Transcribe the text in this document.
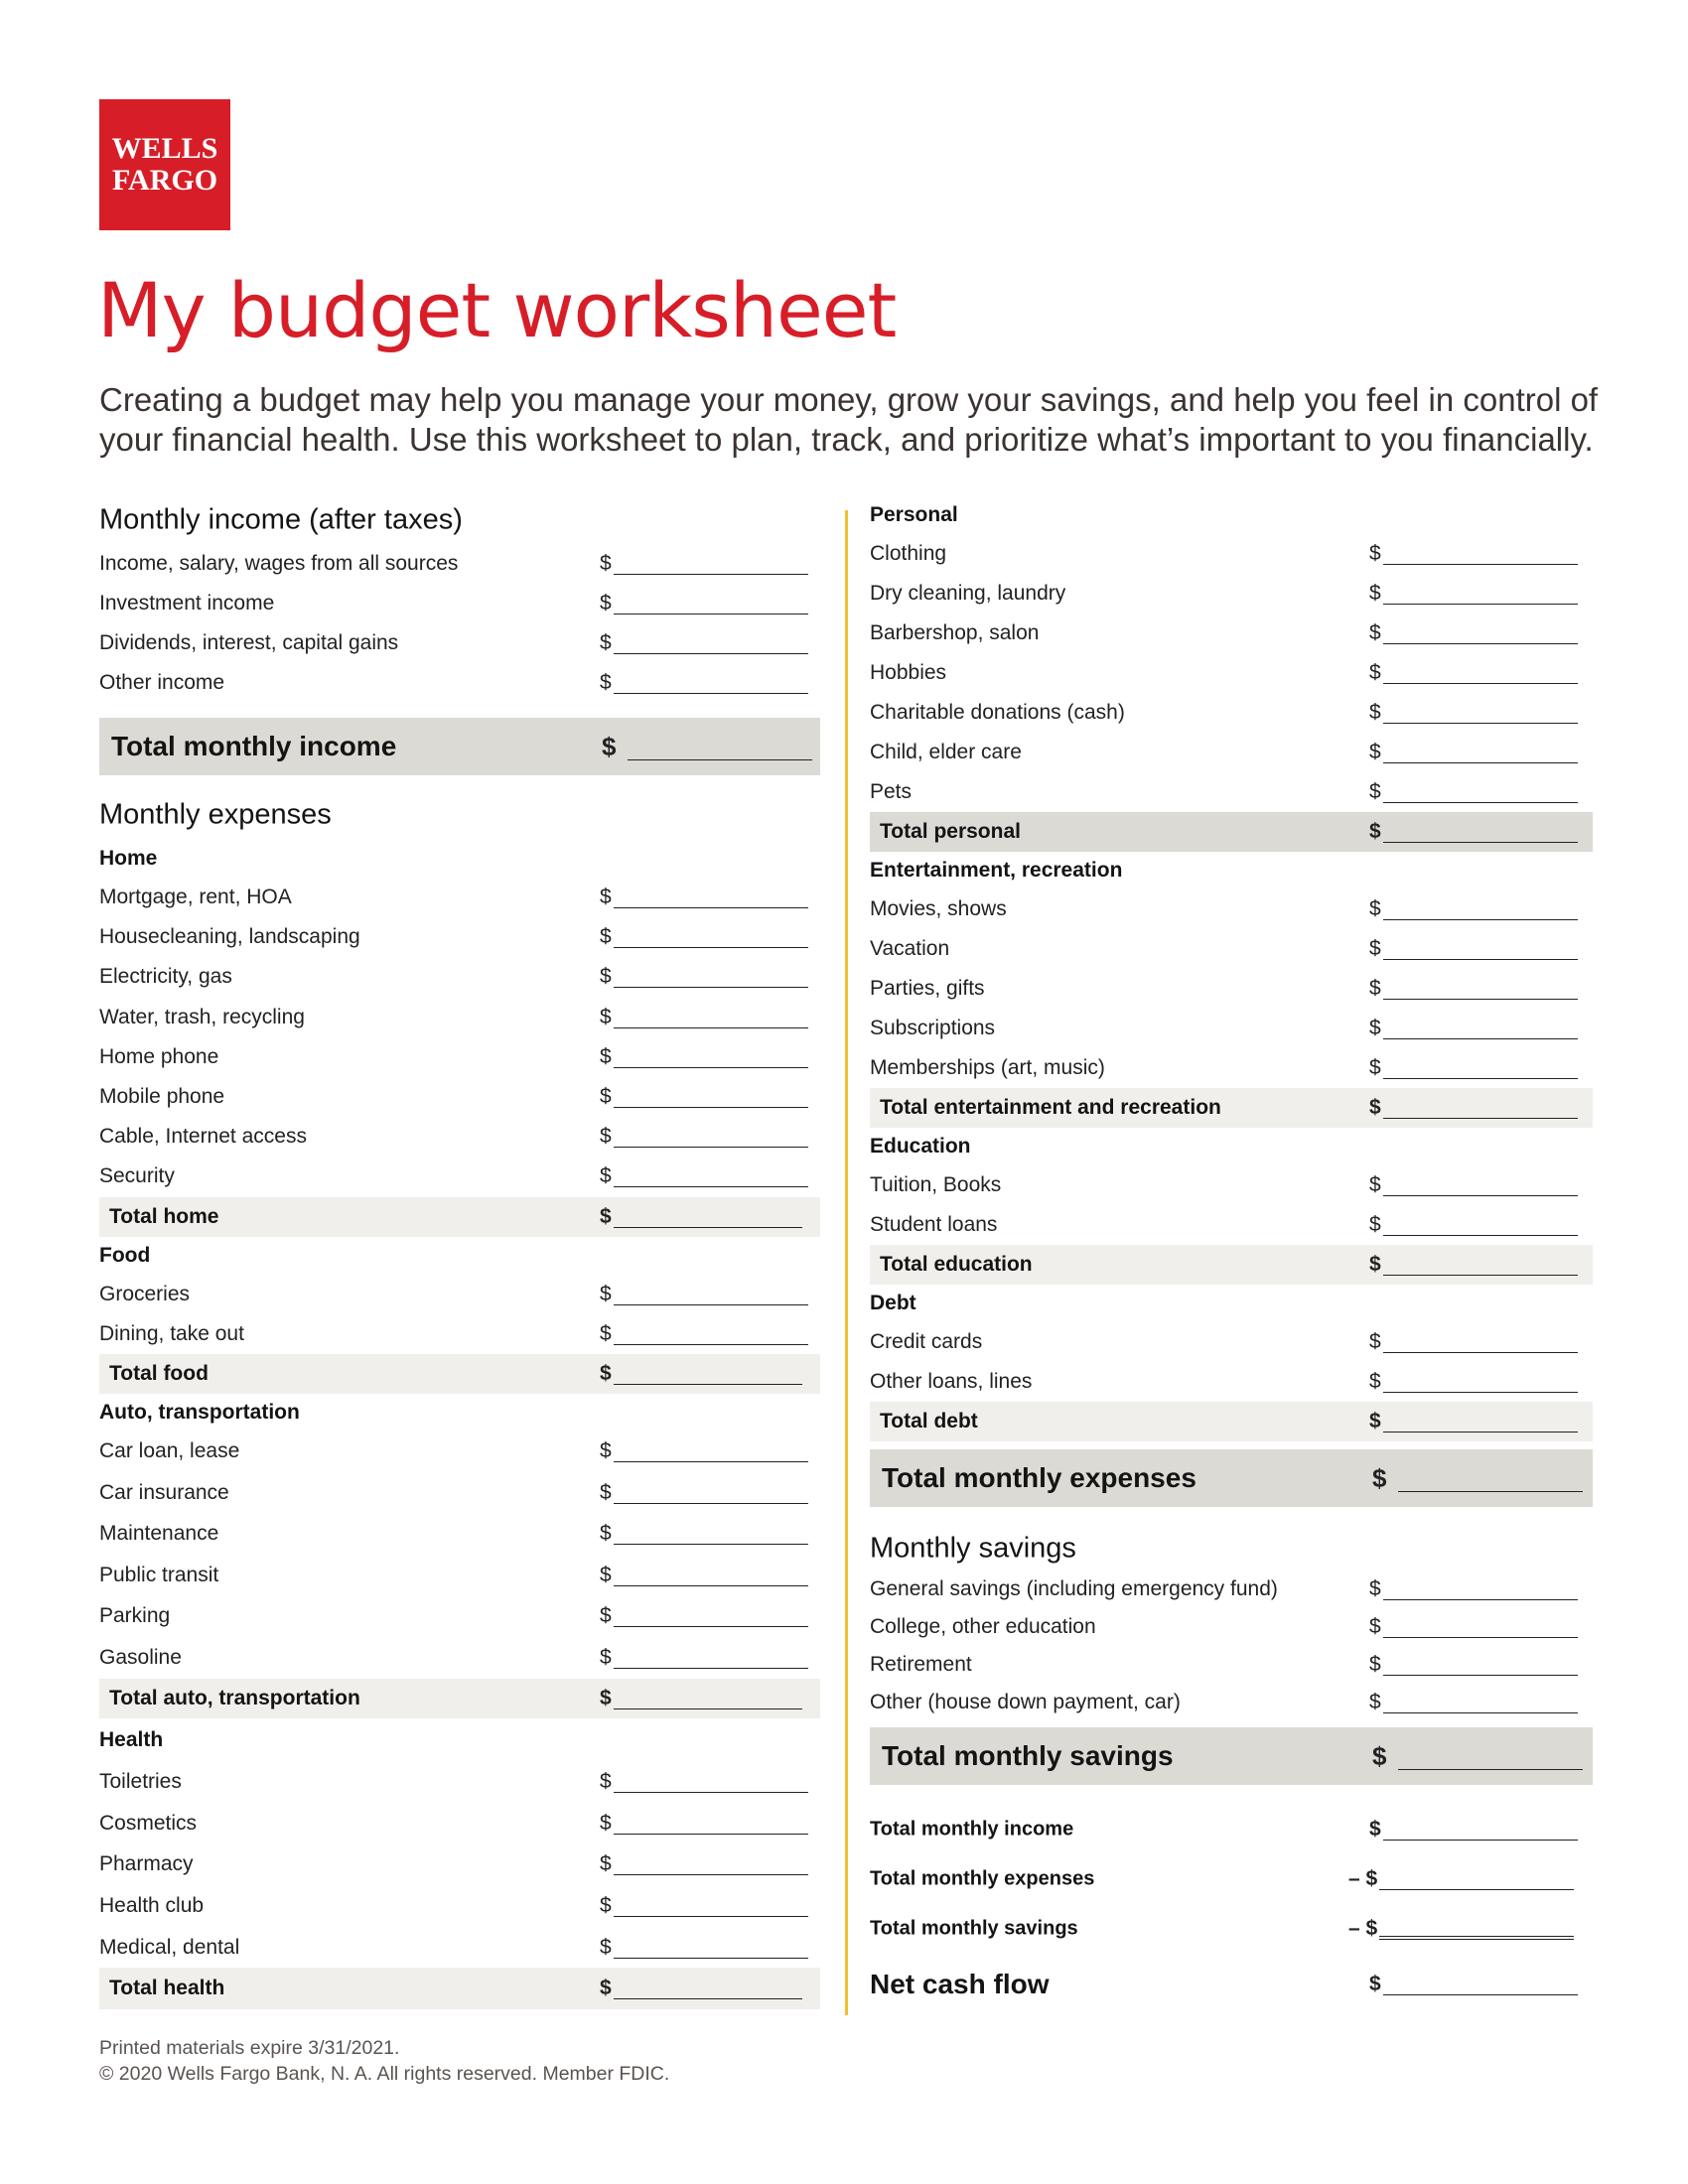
WELLS
FARGO
My budget worksheet

Creating a budget may help you manage your money, grow your savings, and help you feel in control of your financial health. Use this worksheet to plan, track, and prioritize what’s important to you financially.

Monthly income (after taxes)
Income, salary, wages from all sources	$
Investment income	$
Dividends, interest, capital gains	$
Other income	$
Total monthly income	$
Monthly expenses
Home
Mortgage, rent, HOA	$
Housecleaning, landscaping	$
Electricity, gas	$
Water, trash, recycling	$
Home phone	$
Mobile phone	$
Cable, Internet access	$
Security	$
Total home	$
Food
Groceries	$
Dining, take out	$
Total food	$
Auto, transportation
Car loan, lease	$
Car insurance	$
Maintenance	$
Public transit	$
Parking	$
Gasoline	$
Total auto, transportation	$
Health
Toiletries	$
Cosmetics	$
Pharmacy	$
Health club	$
Medical, dental	$
Total health	$
Personal
Clothing	$
Dry cleaning, laundry	$
Barbershop, salon	$
Hobbies	$
Charitable donations (cash)	$
Child, elder care	$
Pets	$
Total personal	$
Entertainment, recreation
Movies, shows	$
Vacation	$
Parties, gifts	$
Subscriptions	$
Memberships (art, music)	$
Total entertainment and recreation	$
Education
Tuition, Books	$
Student loans	$
Total education	$
Debt
Credit cards	$
Other loans, lines	$
Total debt	$
Total monthly expenses	$
Monthly savings
General savings (including emergency fund)	$
College, other education	$
Retirement	$
Other (house down payment, car)	$
Total monthly savings	$
Total monthly income	$
Total monthly expenses	– $
Total monthly savings	– $
Net cash flow	$
Printed materials expire 3/31/2021.
© 2020 Wells Fargo Bank, N. A. All rights reserved. Member FDIC.
